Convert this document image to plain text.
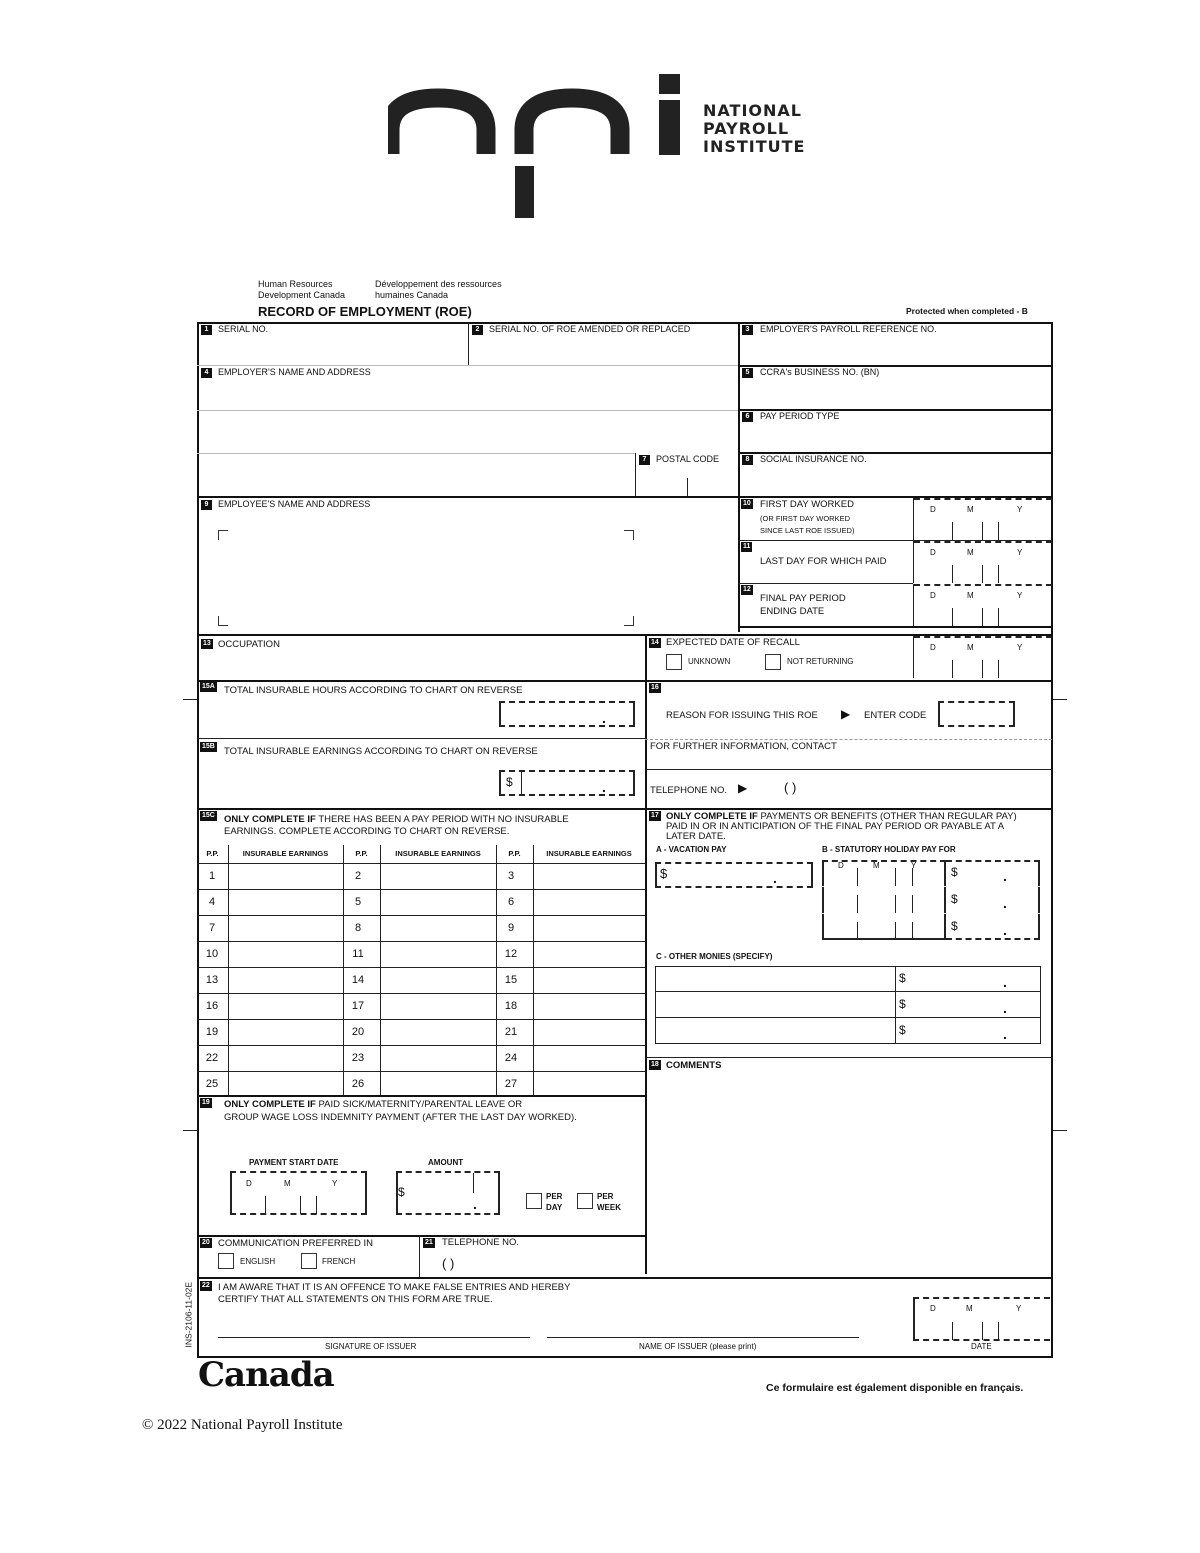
NATIONAL
PAYROLL
INSTITUTE
Human Resources
Development Canada
Développement des ressources
humaines Canada
RECORD OF EMPLOYMENT (ROE)	Protected when completed - B
1	SERIAL NO.	2	SERIAL NO. OF ROE AMENDED OR REPLACED	3	EMPLOYER'S PAYROLL REFERENCE NO.
4	EMPLOYER'S NAME AND ADDRESS
7	POSTAL CODE
5	CCRA's BUSINESS NO. (BN)
6	PAY PERIOD TYPE
8	SOCIAL INSURANCE NO.
9	EMPLOYEE'S NAME AND ADDRESS	10 FIRST DAY WORKED
(OR FIRST DAY WORKED
SINCE LAST ROE ISSUED)
11
LAST DAY FOR WHICH PAID
12
FINAL PAY PERIOD
ENDING DATE
D	M	Y
D	M	Y
D	M	Y
D	M	Y
13 OCCUPATION	14 EXPECTED DATE OF RECALL
UNKNOWN	NOT RETURNING
15A TOTAL INSURABLE HOURS ACCORDING TO CHART ON REVERSE
.
16
REASON FOR ISSUING THIS ROE ▶ ENTER CODE
FOR FURTHER INFORMATION, CONTACT
TELEPHONE NO. ▶	( )
15B TOTAL INSURABLE EARNINGS ACCORDING TO CHART ON REVERSE
$	.
15C ONLY COMPLETE IF THERE HAS BEEN A PAY PERIOD WITH NO INSURABLE
EARNINGS. COMPLETE ACCORDING TO CHART ON REVERSE.
P.P.	INSURABLE EARNINGS	P.P.	INSURABLE EARNINGS	P.P.	INSURABLE EARNINGS
1	2	3
4	5	6
7	8	9
10	11	12
13	14	15
16	17	18
19	20	21
22	23	24
25	26	27
17 ONLY COMPLETE IF PAYMENTS OR BENEFITS (OTHER THAN REGULAR PAY)
PAID IN OR IN ANTICIPATION OF THE FINAL PAY PERIOD OR PAYABLE AT A
LATER DATE.
A - VACATION PAY	B - STATUTORY HOLIDAY PAY FOR
$	.	$	.
$	.
$	.
D	M	Y
C - OTHER MONIES (SPECIFY)
$	.
$	.
$	.
18 COMMENTS
19 ONLY COMPLETE IF PAID SICK/MATERNITY/PARENTAL LEAVE OR
GROUP WAGE LOSS INDEMNITY PAYMENT (AFTER THE LAST DAY WORKED).
PAYMENT START DATE	AMOUNT
D	M	Y
$
.	PER
DAY
PER
WEEK
20 COMMUNICATION PREFERRED IN
ENGLISH	FRENCH
21 TELEPHONE NO.
( )
22 I AM AWARE THAT IT IS AN OFFENCE TO MAKE FALSE ENTRIES AND HEREBY
CERTIFY THAT ALL STATEMENTS ON THIS FORM ARE TRUE.
SIGNATURE OF ISSUER	NAME OF ISSUER (please print)
D	M	Y
DATE
INS-2106-11-02E
Canada	Ce formulaire est également disponible en français.
© 2022 National Payroll Institute
